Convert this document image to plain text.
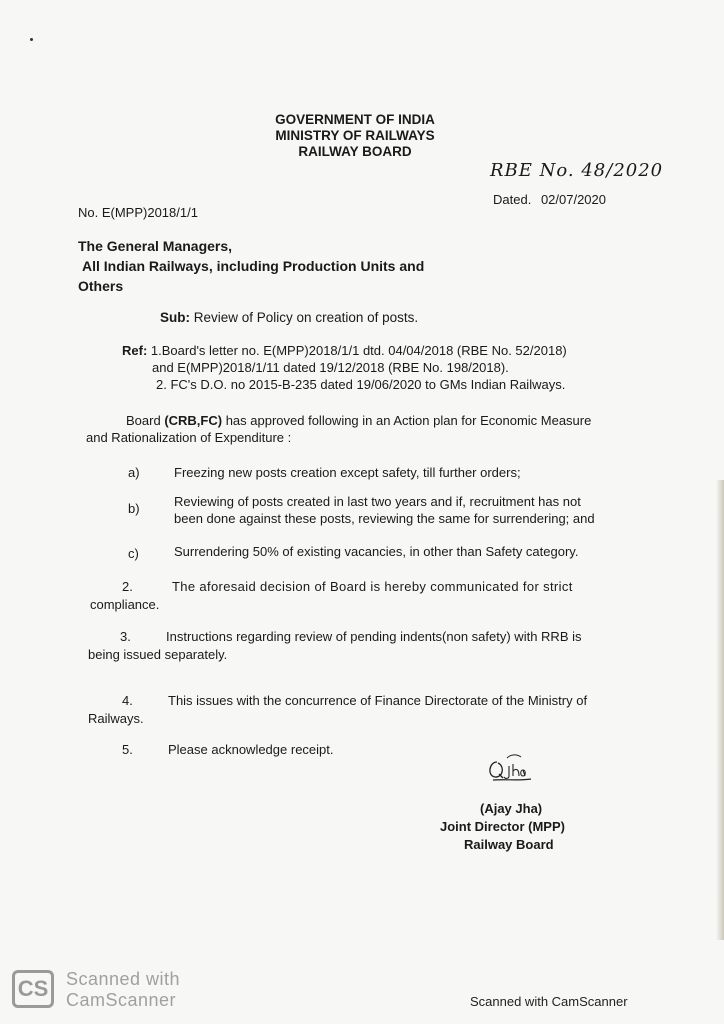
GOVERNMENT OF INDIA
MINISTRY OF RAILWAYS
RAILWAY BOARD
RBE No. 48/2020
Dated. 02/07/2020
No. E(MPP)2018/1/1
The General Managers,
All Indian Railways, including Production Units and
Others
Sub: Review of Policy on creation of posts.
Ref: 1.Board's letter no. E(MPP)2018/1/1 dtd. 04/04/2018 (RBE No. 52/2018)
and E(MPP)2018/1/11 dated 19/12/2018 (RBE No. 198/2018).
2. FC's D.O. no 2015-B-235 dated 19/06/2020 to GMs Indian Railways.
Board (CRB,FC) has approved following in an Action plan for Economic Measure
and Rationalization of Expenditure :
a)	Freezing new posts creation except safety, till further orders;
b)	Reviewing of posts created in last two years and if, recruitment has not
been done against these posts, reviewing the same for surrendering; and
c)	Surrendering 50% of existing vacancies, in other than Safety category.
2.	The aforesaid decision of Board is hereby communicated for strict
compliance.
3.	Instructions regarding review of pending indents(non safety) with RRB is
being issued separately.
4.	This issues with the concurrence of Finance Directorate of the Ministry of
Railways.
5.	Please acknowledge receipt.
(Ajay Jha)
Joint Director (MPP)
Railway Board
CS Scanned with
CamScanner	Scanned with CamScanner
